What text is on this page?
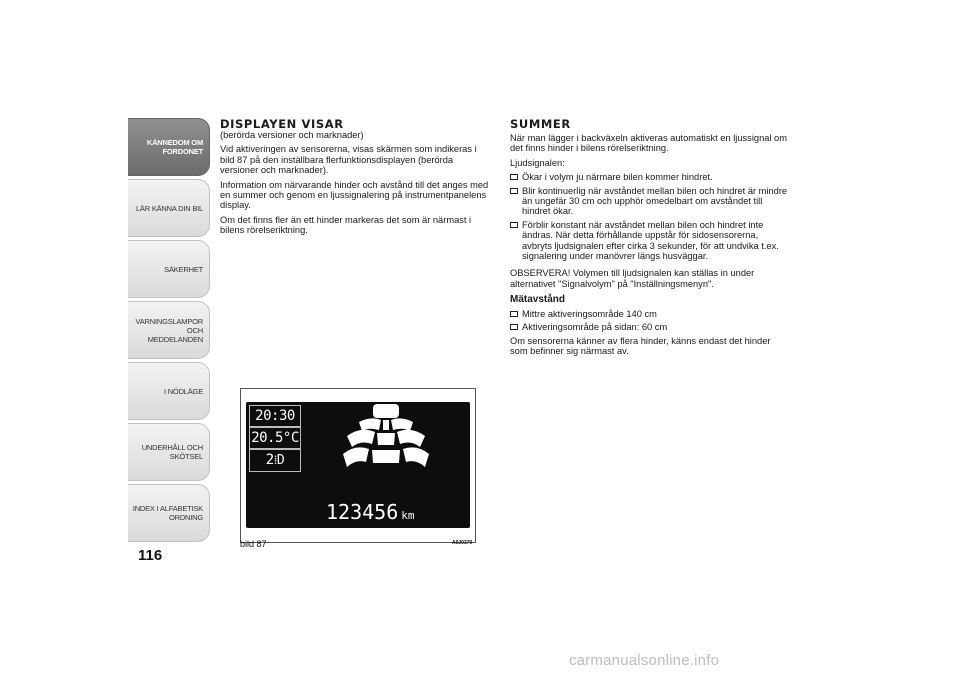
KÄNNEDOM OM FORDONET
LÄR KÄNNA DIN BIL
SÄKERHET
VARNINGSLAMPOR OCH MEDDELANDEN
I NÖDLÄGE
UNDERHÅLL OCH SKÖTSEL
INDEX I ALFABETISK ORDNING
116
DISPLAYEN VISAR

(berörda versioner och marknader)

Vid aktiveringen av sensorerna, visas skärmen som indikeras i bild 87 på den inställbara flerfunktionsdisplayen (berörda versioner och marknader).

Information om närvarande hinder och avstånd till det anges med en summer och genom en ljussignalering på instrumentpanelens display.

Om det finns fler än ett hinder markeras det som är närmast i bilens rörelseriktning.

20:30
20.5°C
2⁞D
123456 km
bild 87	A0J0370
SUMMER

När man lägger i backväxeln aktiveras automatiskt en ljussignal om det finns hinder i bilens rörelseriktning.

Ljudsignalen:

Ökar i volym ju närmare bilen kommer hindret.
Blir kontinuerlig när avståndet mellan bilen och hindret är mindre än ungefär 30 cm och upphör omedelbart om avståndet till hindret ökar.
Förblir konstant när avståndet mellan bilen och hindret inte ändras. När detta förhållande uppstår för sidosensorerna, avbryts ljudsignalen efter cirka 3 sekunder, för att undvika t.ex. signalering under manövrer längs husväggar.

OBSERVERA! Volymen till ljudsignalen kan ställas in under alternativet "Signalvolym" på "Inställningsmenyn".

Mätavstånd
Mittre aktiveringsområde 140 cm
Aktiveringsområde på sidan: 60 cm

Om sensorerna känner av flera hinder, känns endast det hinder som befinner sig närmast av.

carmanualsonline.info
